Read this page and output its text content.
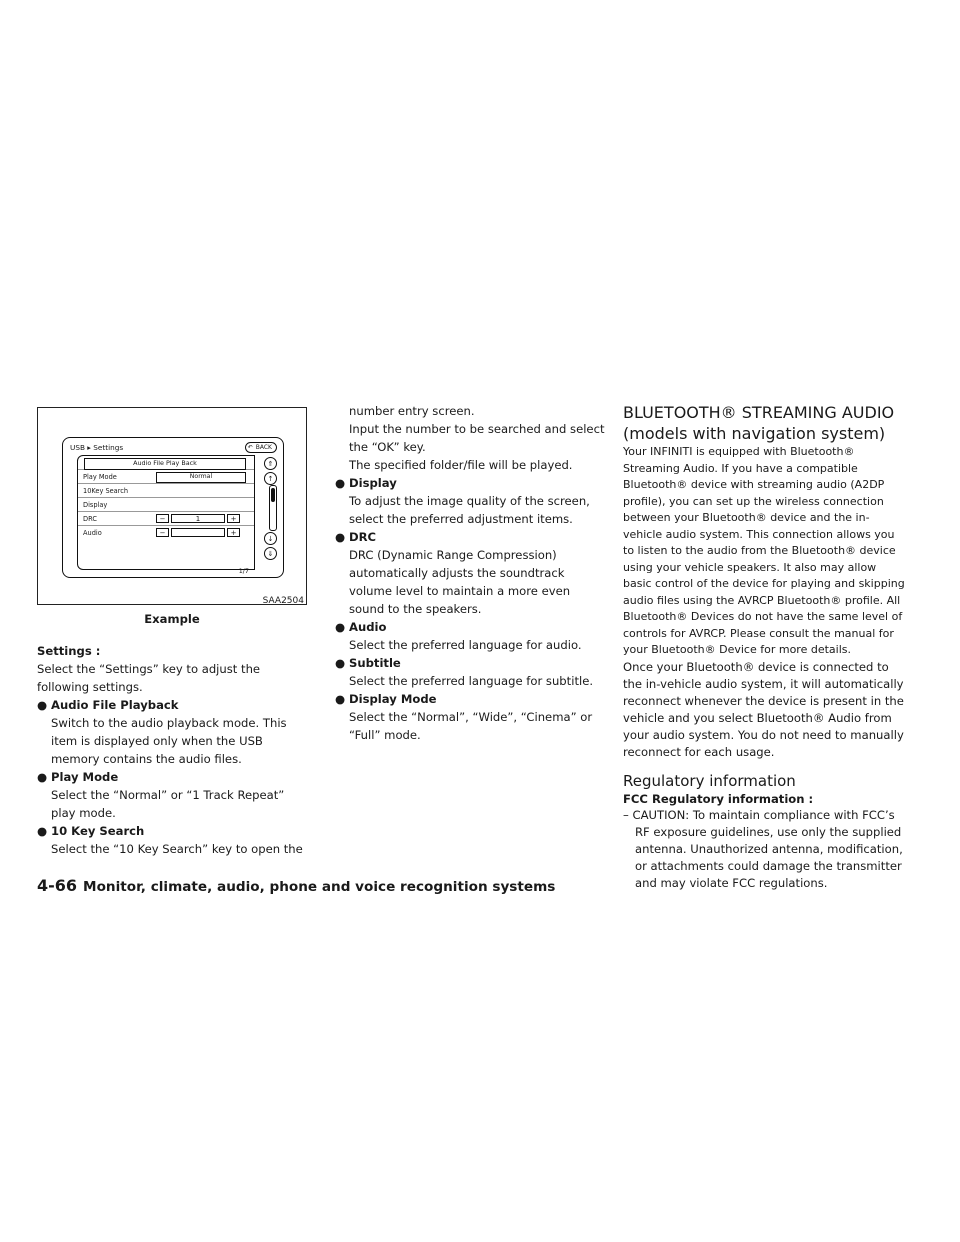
USB ▸ Settings	↶ BACK
Audio File Play Back
Play Mode	Normal
10Key Search
Display
DRC	−	1	+
Audio	−	+
⇑
↑
↓
⇓
1/7
SAA2504
Example

Settings :

Select the “Settings” key to adjust the following settings.

● Audio File Playback

Switch to the audio playback mode. This item is displayed only when the USB memory contains the audio files.

● Play Mode

Select the “Normal” or “1 Track Repeat” play mode.

● 10 Key Search

Select the “10 Key Search” key to open the

number entry screen.

Input the number to be searched and select the “OK” key.

The specified folder/file will be played.

● Display

To adjust the image quality of the screen, select the preferred adjustment items.

● DRC

DRC (Dynamic Range Compression) automatically adjusts the soundtrack volume level to maintain a more even sound to the speakers.

● Audio

Select the preferred language for audio.

● Subtitle

Select the preferred language for subtitle.

● Display Mode

Select the “Normal”, “Wide”, “Cinema” or “Full” mode.

BLUETOOTH® STREAMING AUDIO (models with navigation system)

Your INFINITI is equipped with Bluetooth® Streaming Audio. If you have a compatible Bluetooth® device with streaming audio (A2DP profile), you can set up the wireless connection between your Bluetooth® device and the in-vehicle audio system. This connection allows you to listen to the audio from the Bluetooth® device using your vehicle speakers. It also may allow basic control of the device for playing and skipping audio files using the AVRCP Bluetooth® profile. All Bluetooth® Devices do not have the same level of controls for AVRCP. Please consult the manual for your Bluetooth® Device for more details.

Once your Bluetooth® device is connected to the in-vehicle audio system, it will automatically reconnect whenever the device is present in the vehicle and you select Bluetooth® Audio from your audio system. You do not need to manually reconnect for each usage.

Regulatory information

FCC Regulatory information :

– CAUTION: To maintain compliance with FCC’s RF exposure guidelines, use only the supplied antenna. Unauthorized antenna, modification, or attachments could damage the transmitter and may violate FCC regulations.

4-66 Monitor, climate, audio, phone and voice recognition systems
